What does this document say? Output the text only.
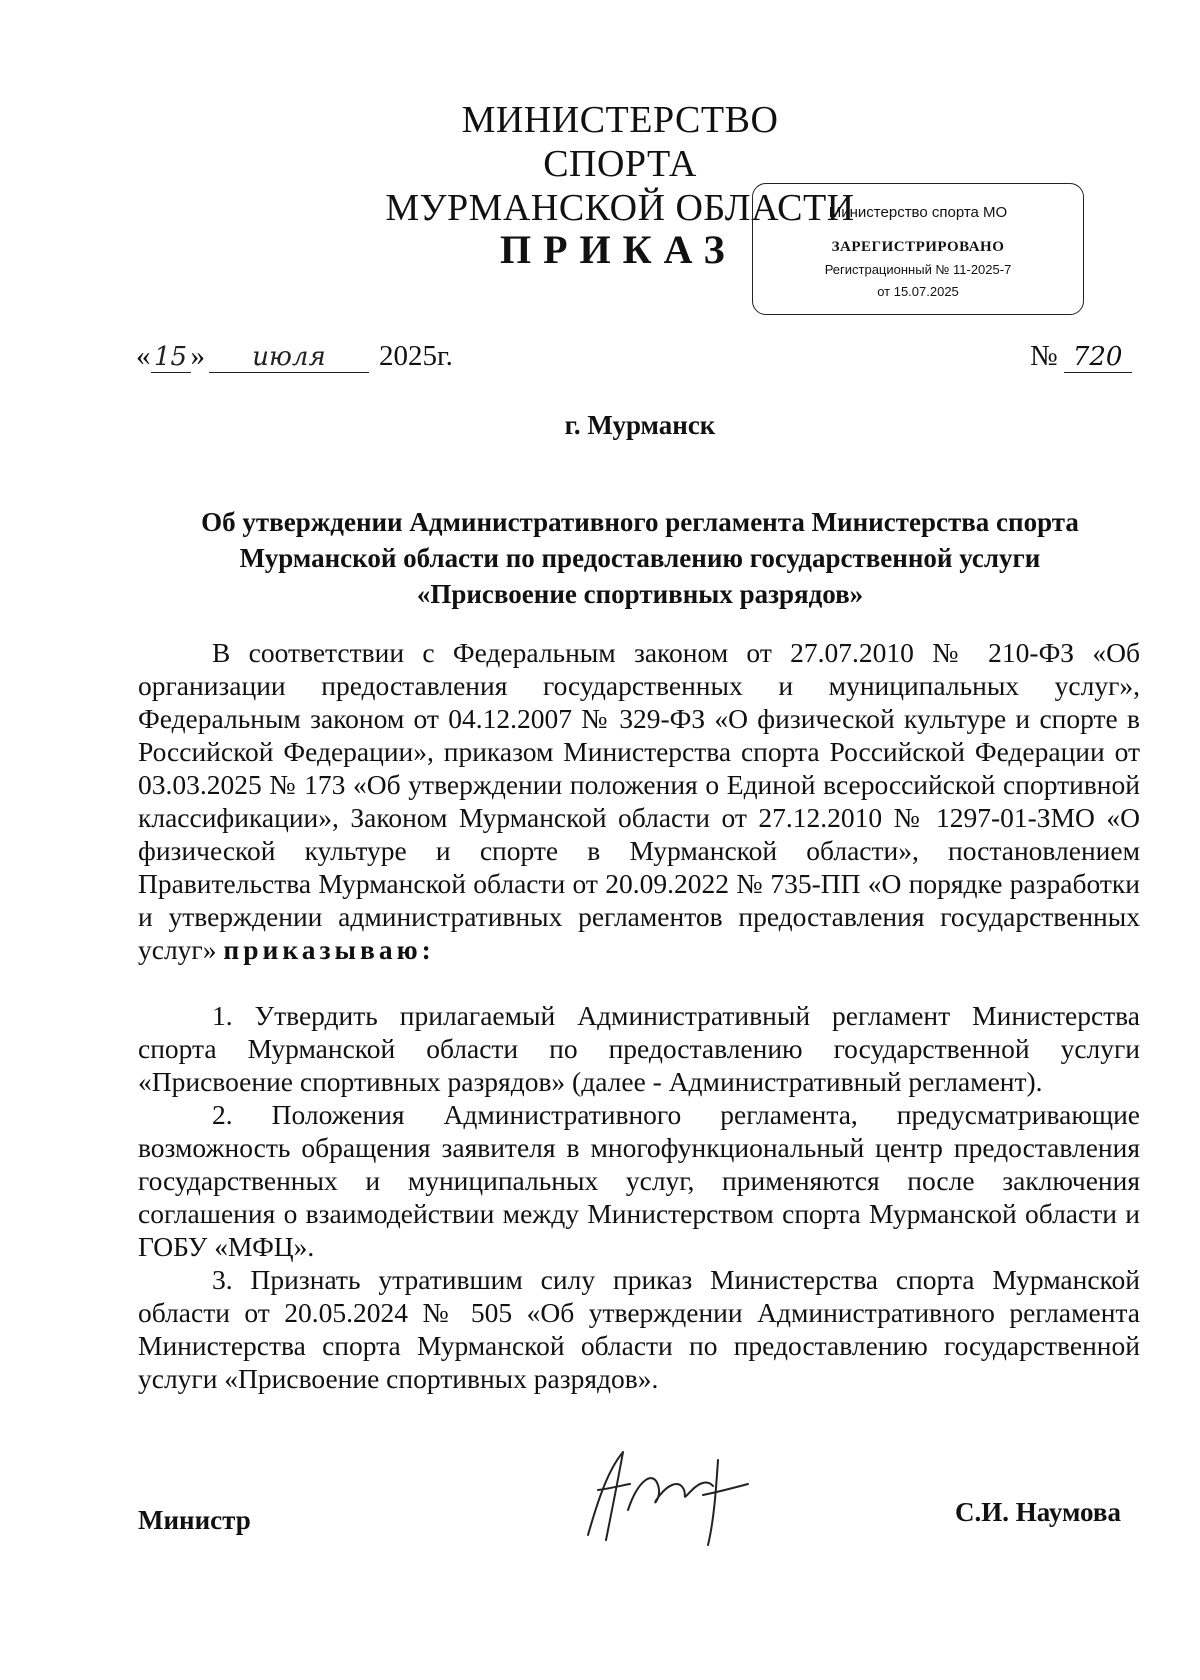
МИНИСТЕРСТВО СПОРТА
МУРМАНСКОЙ ОБЛАСТИ
ПРИКАЗ
Министерство спорта МО
ЗАРЕГИСТРИРОВАНО
Регистрационный № 11-2025-7
от 15.07.2025
« 15 »	июля	2025г.	№ 720
г. Мурманск
Об утверждении Административного регламента Министерства спорта
Мурманской области по предоставлению государственной услуги
«Присвоение спортивных разрядов»

В соответствии с Федеральным законом от 27.07.2010 № 210-ФЗ «Об организации предоставления государственных и муниципальных услуг», Федеральным законом от 04.12.2007 № 329-ФЗ «О физической культуре и спорте в Российской Федерации», приказом Министерства спорта Российской Федерации от 03.03.2025 № 173 «Об утверждении положения о Единой всероссийской спортивной классификации», Законом Мурманской области от 27.12.2010 № 1297-01-ЗМО «О физической культуре и спорте в Мурманской области», постановлением Правительства Мурманской области от 20.09.2022 № 735-ПП «О порядке разработки и утверждении административных регламентов предоставления государственных услуг» приказываю:

1. Утвердить прилагаемый Административный регламент Министерства спорта Мурманской области по предоставлению государственной услуги «Присвоение спортивных разрядов» (далее - Административный регламент).

2. Положения Административного регламента, предусматривающие возможность обращения заявителя в многофункциональный центр предоставления государственных и муниципальных услуг, применяются после заключения соглашения о взаимодействии между Министерством спорта Мурманской области и ГОБУ «МФЦ».

3. Признать утратившим силу приказ Министерства спорта Мурманской области от 20.05.2024 № 505 «Об утверждении Административного регламента Министерства спорта Мурманской области по предоставлению государственной услуги «Присвоение спортивных разрядов».

Министр	С.И. Наумова
